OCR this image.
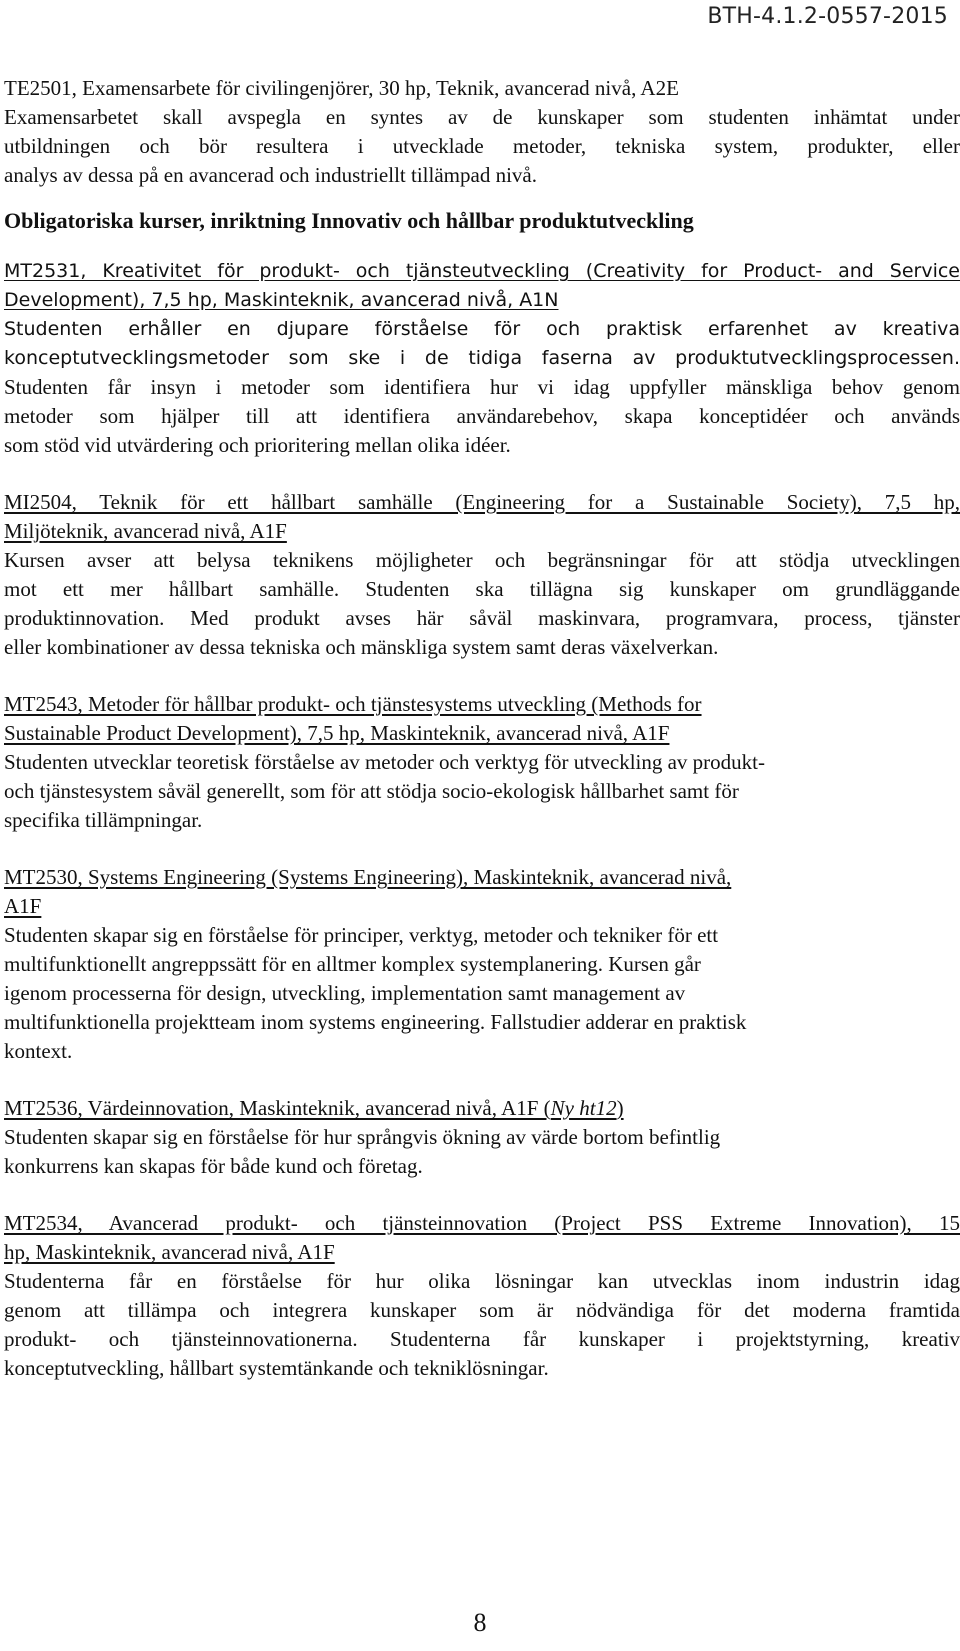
BTH-4.1.2-0557-2015
TE2501, Examensarbete för civilingenjörer, 30 hp, Teknik, avancerad nivå, A2E
Examensarbetet skall avspegla en syntes av de kunskaper som studenten inhämtat under
utbildningen och bör resultera i utvecklade metoder, tekniska system, produkter, eller
analys av dessa på en avancerad och industriellt tillämpad nivå.
Obligatoriska kurser, inriktning Innovativ och hållbar produktutveckling
MT2531, Kreativitet för produkt- och tjänsteutveckling (Creativity for Product- and Service
Development), 7,5 hp, Maskinteknik, avancerad nivå, A1N
Studenten erhåller en djupare förståelse för och praktisk erfarenhet av kreativa
konceptutvecklingsmetoder som ske i de tidiga faserna av produktutvecklingsprocessen.
Studenten får insyn i metoder som identifiera hur vi idag uppfyller mänskliga behov genom
metoder som hjälper till att identifiera användarebehov, skapa konceptidéer och används
som stöd vid utvärdering och prioritering mellan olika idéer.
MI2504, Teknik för ett hållbart samhälle (Engineering for a Sustainable Society), 7,5 hp,
Miljöteknik, avancerad nivå, A1F
Kursen avser att belysa teknikens möjligheter och begränsningar för att stödja utvecklingen
mot ett mer hållbart samhälle. Studenten ska tillägna sig kunskaper om grundläggande
produktinnovation. Med produkt avses här såväl maskinvara, programvara, process, tjänster
eller kombinationer av dessa tekniska och mänskliga system samt deras växelverkan.
MT2543, Metoder för hållbar produkt- och tjänstesystems utveckling (Methods for
Sustainable Product Development), 7,5 hp, Maskinteknik, avancerad nivå, A1F
Studenten utvecklar teoretisk förståelse av metoder och verktyg för utveckling av produkt-
och tjänstesystem såväl generellt, som för att stödja socio-ekologisk hållbarhet samt för
specifika tillämpningar.
MT2530, Systems Engineering (Systems Engineering), Maskinteknik, avancerad nivå,
A1F
Studenten skapar sig en förståelse för principer, verktyg, metoder och tekniker för ett
multifunktionellt angreppssätt för en alltmer komplex systemplanering. Kursen går
igenom processerna för design, utveckling, implementation samt management av
multifunktionella projektteam inom systems engineering. Fallstudier adderar en praktisk
kontext.
MT2536, Värdeinnovation, Maskinteknik, avancerad nivå, A1F (Ny ht12)
Studenten skapar sig en förståelse för hur språngvis ökning av värde bortom befintlig
konkurrens kan skapas för både kund och företag.
MT2534, Avancerad produkt- och tjänsteinnovation (Project PSS Extreme Innovation), 15
hp, Maskinteknik, avancerad nivå, A1F
Studenterna får en förståelse för hur olika lösningar kan utvecklas inom industrin idag
genom att tillämpa och integrera kunskaper som är nödvändiga för det moderna framtida
produkt- och tjänsteinnovationerna. Studenterna får kunskaper i projektstyrning, kreativ
konceptutveckling, hållbart systemtänkande och tekniklösningar.
8
